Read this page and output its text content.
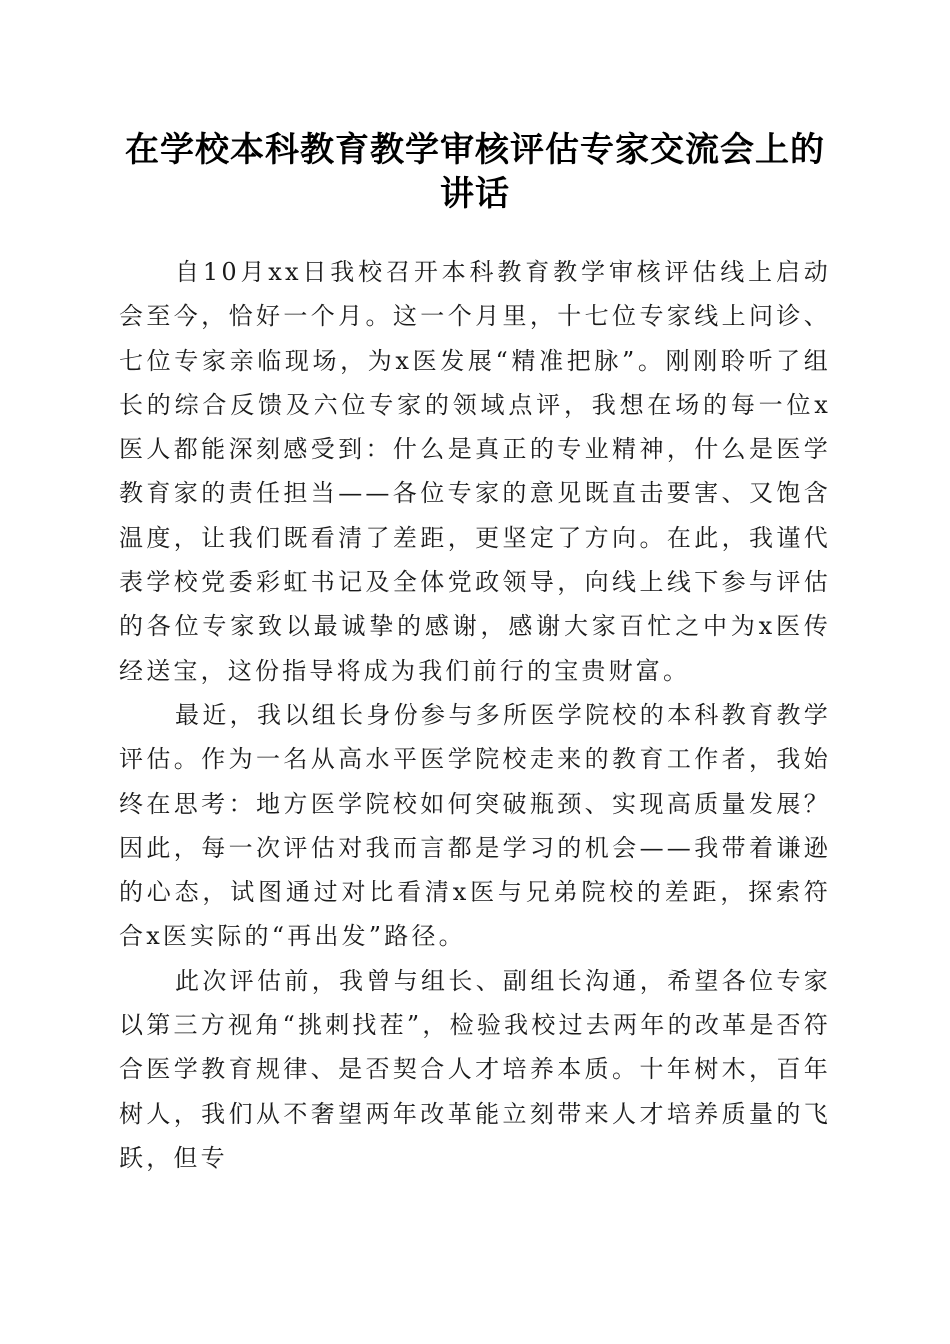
在学校本科教育教学审核评估专家交流会上的讲话

自10月xx日我校召开本科教育教学审核评估线上启动会至今，恰好一个月。这一个月里，十七位专家线上问诊、七位专家亲临现场，为x医发展“精准把脉”。刚刚聆听了组长的综合反馈及六位专家的领域点评，我想在场的每一位x医人都能深刻感受到：什么是真正的专业精神，什么是医学教育家的责任担当——各位专家的意见既直击要害、又饱含温度，让我们既看清了差距，更坚定了方向。在此，我谨代表学校党委彩虹书记及全体党政领导，向线上线下参与评估的各位专家致以最诚挚的感谢，感谢大家百忙之中为x医传经送宝，这份指导将成为我们前行的宝贵财富。

最近，我以组长身份参与多所医学院校的本科教育教学评估。作为一名从高水平医学院校走来的教育工作者，我始终在思考：地方医学院校如何突破瓶颈、实现高质量发展？因此，每一次评估对我而言都是学习的机会——我带着谦逊的心态，试图通过对比看清x医与兄弟院校的差距，探索符合x医实际的“再出发”路径。

此次评估前，我曾与组长、副组长沟通，希望各位专家以第三方视角“挑刺找茬”，检验我校过去两年的改革是否符合医学教育规律、是否契合人才培养本质。十年树木，百年树人，我们从不奢望两年改革能立刻带来人才培养质量的飞跃，但专
